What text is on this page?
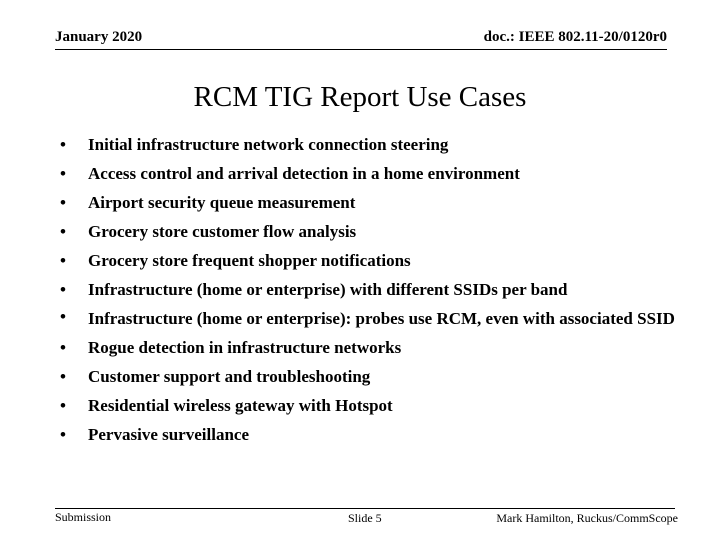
January 2020	doc.: IEEE 802.11-20/0120r0
RCM TIG Report Use Cases
• Initial infrastructure network connection steering
• Access control and arrival detection in a home environment
• Airport security queue measurement
• Grocery store customer flow analysis
• Grocery store frequent shopper notifications
• Infrastructure (home or enterprise) with different SSIDs per band
• Infrastructure (home or enterprise): probes use RCM, even with associated SSID
• Rogue detection in infrastructure networks
• Customer support and troubleshooting
• Residential wireless gateway with Hotspot
• Pervasive surveillance
Submission	Slide 5	Mark Hamilton, Ruckus/CommScope
